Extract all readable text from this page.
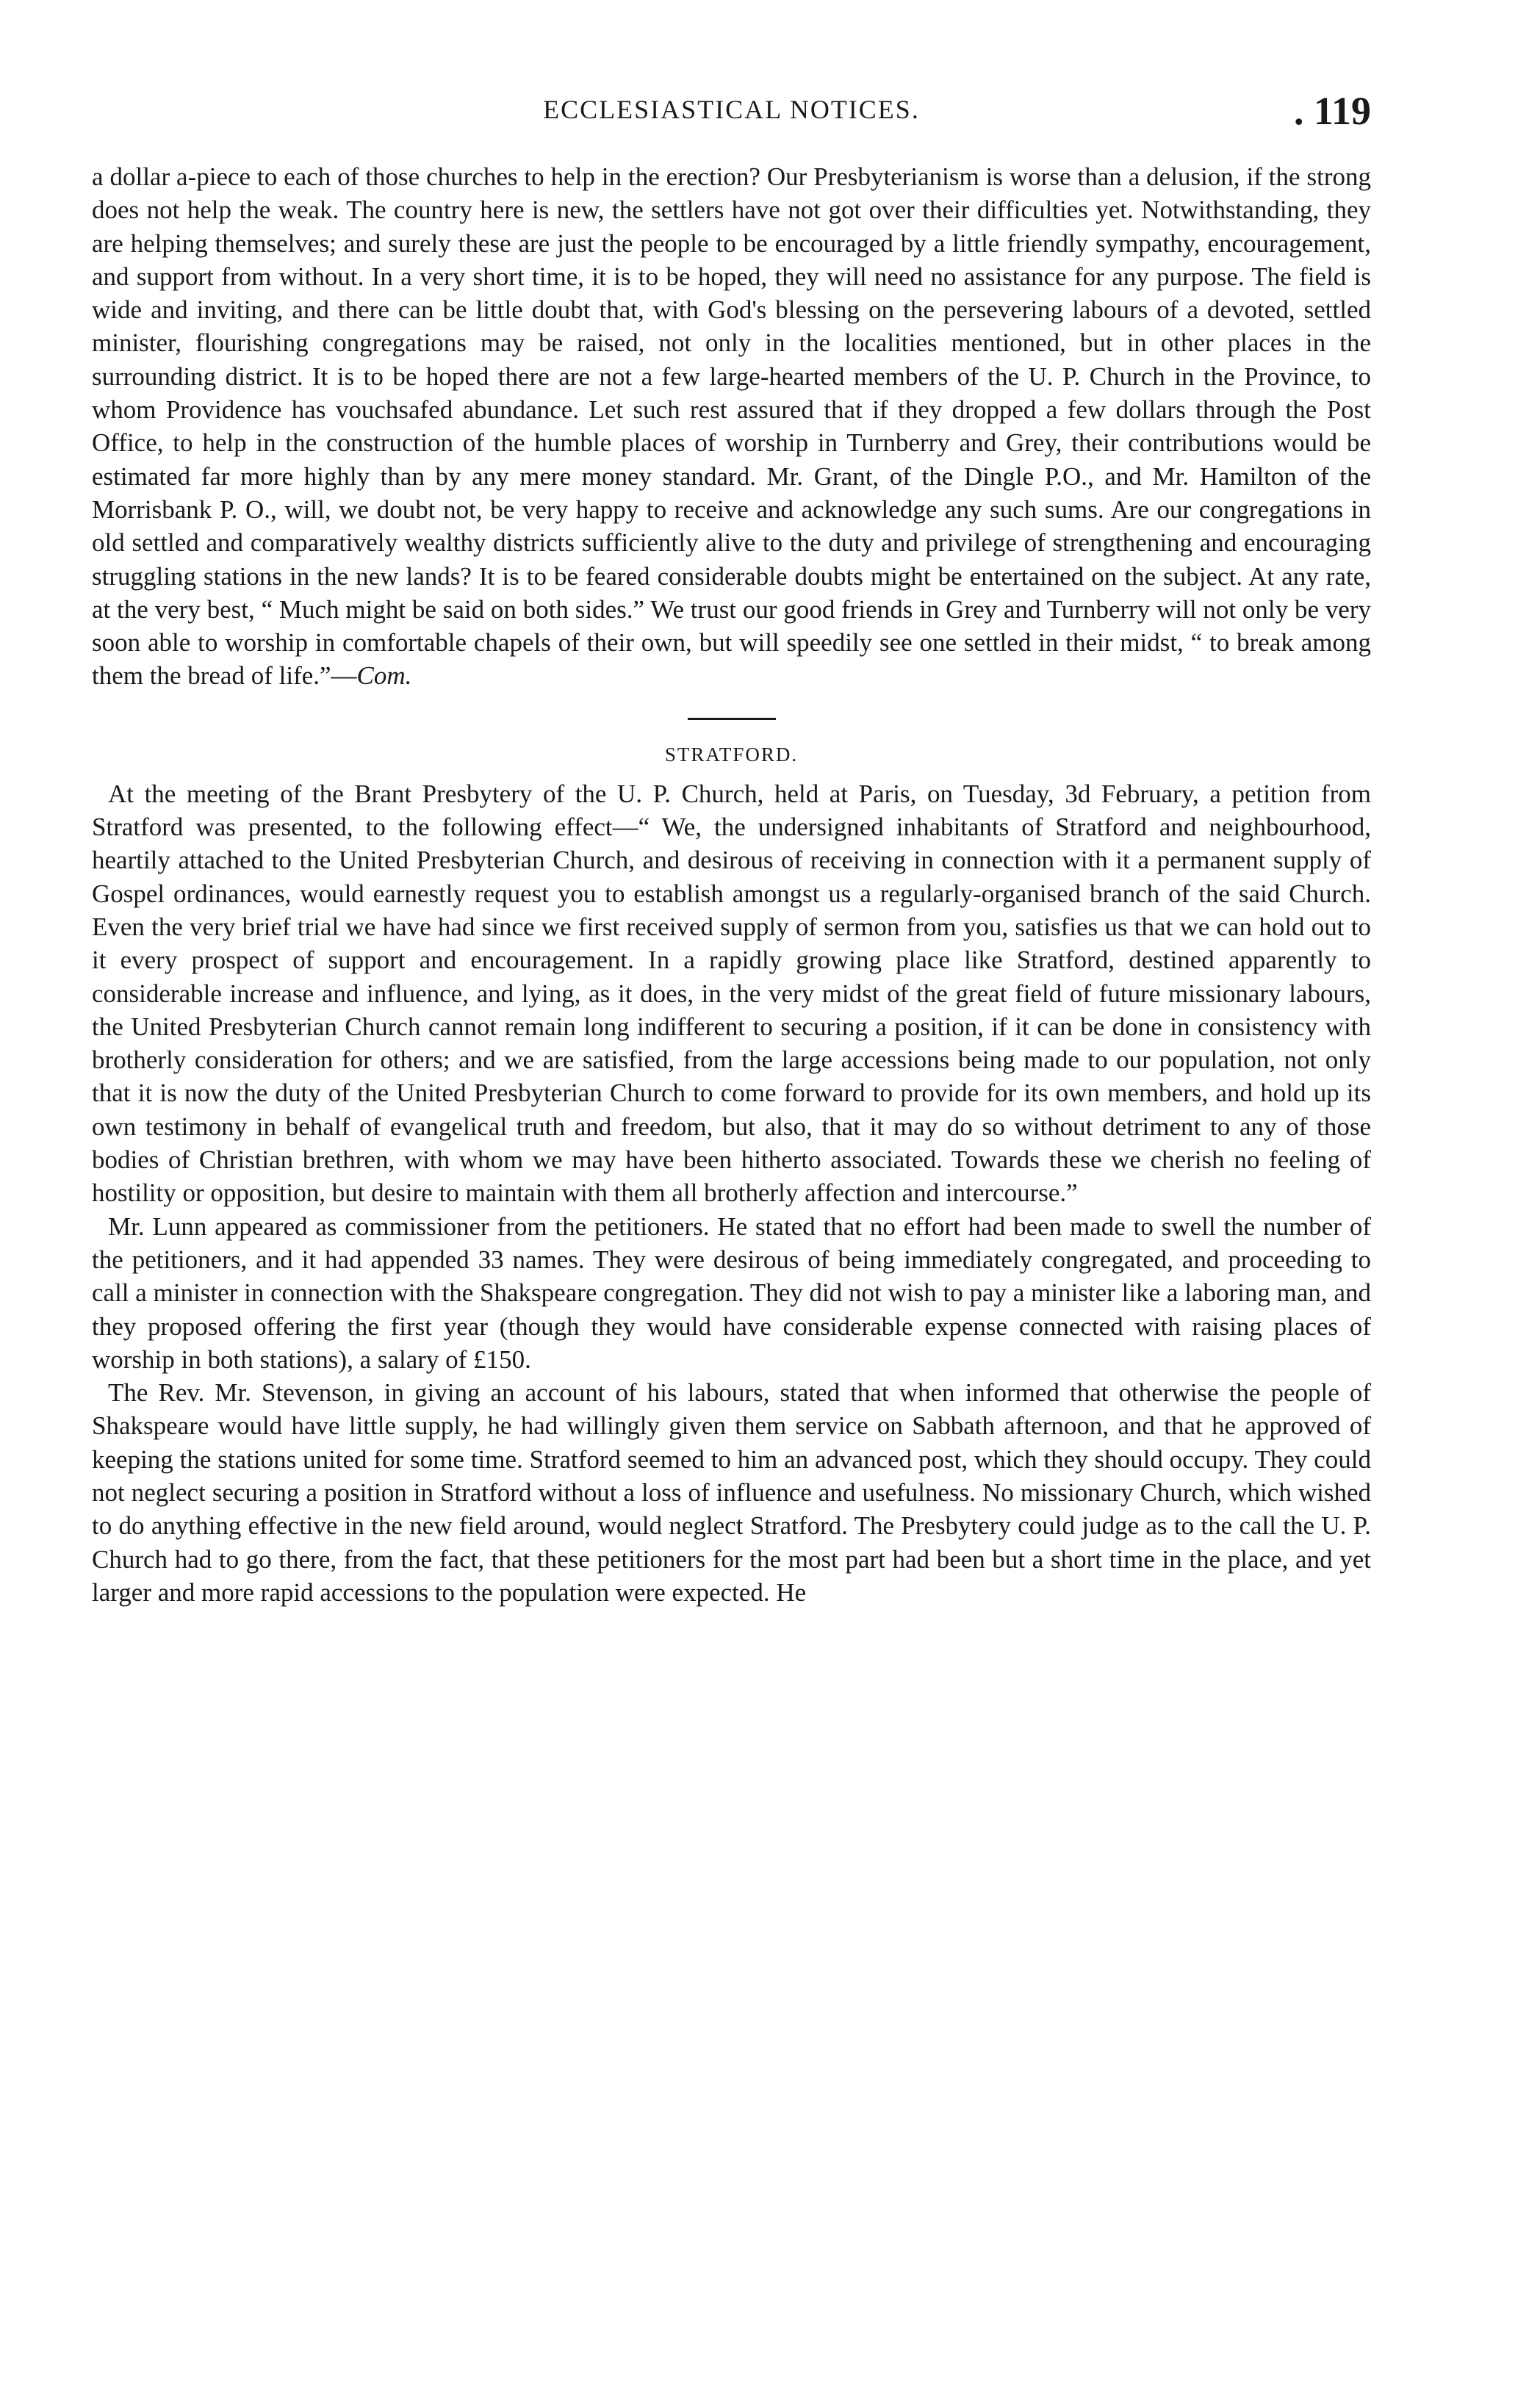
ECCLESIASTICAL NOTICES.	. 119

a dollar a-piece to each of those churches to help in the erection? Our Presbyterianism is worse than a delusion, if the strong does not help the weak. The country here is new, the settlers have not got over their difficulties yet. Notwithstanding, they are helping themselves; and surely these are just the people to be encouraged by a little friendly sympathy, encouragement, and support from without. In a very short time, it is to be hoped, they will need no assistance for any purpose. The field is wide and inviting, and there can be little doubt that, with God's blessing on the persevering labours of a devoted, settled minister, flourishing congregations may be raised, not only in the localities mentioned, but in other places in the surrounding district. It is to be hoped there are not a few large-hearted members of the U. P. Church in the Province, to whom Providence has vouchsafed abundance. Let such rest assured that if they dropped a few dollars through the Post Office, to help in the construction of the humble places of worship in Turnberry and Grey, their contributions would be estimated far more highly than by any mere money standard. Mr. Grant, of the Dingle P.O., and Mr. Hamilton of the Morrisbank P. O., will, we doubt not, be very happy to receive and acknowledge any such sums. Are our congregations in old settled and comparatively wealthy districts sufficiently alive to the duty and privilege of strengthening and encouraging struggling stations in the new lands? It is to be feared considerable doubts might be entertained on the subject. At any rate, at the very best, “ Much might be said on both sides.” We trust our good friends in Grey and Turnberry will not only be very soon able to worship in comfortable chapels of their own, but will speedily see one settled in their midst, “ to break among them the bread of life.”—Com.

STRATFORD.

At the meeting of the Brant Presbytery of the U. P. Church, held at Paris, on Tuesday, 3d February, a petition from Stratford was presented, to the following effect—“ We, the undersigned inhabitants of Stratford and neighbourhood, heartily attached to the United Presbyterian Church, and desirous of receiving in connection with it a permanent supply of Gospel ordinances, would earnestly request you to establish amongst us a regularly-organised branch of the said Church. Even the very brief trial we have had since we first received supply of sermon from you, satisfies us that we can hold out to it every prospect of support and encouragement. In a rapidly growing place like Stratford, destined apparently to considerable increase and influence, and lying, as it does, in the very midst of the great field of future missionary labours, the United Presbyterian Church cannot remain long indifferent to securing a position, if it can be done in consistency with brotherly consideration for others; and we are satisfied, from the large accessions being made to our population, not only that it is now the duty of the United Presbyterian Church to come forward to provide for its own members, and hold up its own testimony in behalf of evangelical truth and freedom, but also, that it may do so without detriment to any of those bodies of Christian brethren, with whom we may have been hitherto associated. Towards these we cherish no feeling of hostility or opposition, but desire to maintain with them all brotherly affection and intercourse.”

Mr. Lunn appeared as commissioner from the petitioners. He stated that no effort had been made to swell the number of the petitioners, and it had appended 33 names. They were desirous of being immediately congregated, and proceeding to call a minister in connection with the Shakspeare congregation. They did not wish to pay a minister like a laboring man, and they proposed offering the first year (though they would have considerable expense connected with raising places of worship in both stations), a salary of £150.

The Rev. Mr. Stevenson, in giving an account of his labours, stated that when informed that otherwise the people of Shakspeare would have little supply, he had willingly given them service on Sabbath afternoon, and that he approved of keeping the stations united for some time. Stratford seemed to him an advanced post, which they should occupy. They could not neglect securing a position in Stratford without a loss of influence and usefulness. No missionary Church, which wished to do anything effective in the new field around, would neglect Stratford. The Presbytery could judge as to the call the U. P. Church had to go there, from the fact, that these petitioners for the most part had been but a short time in the place, and yet larger and more rapid accessions to the population were expected. He
